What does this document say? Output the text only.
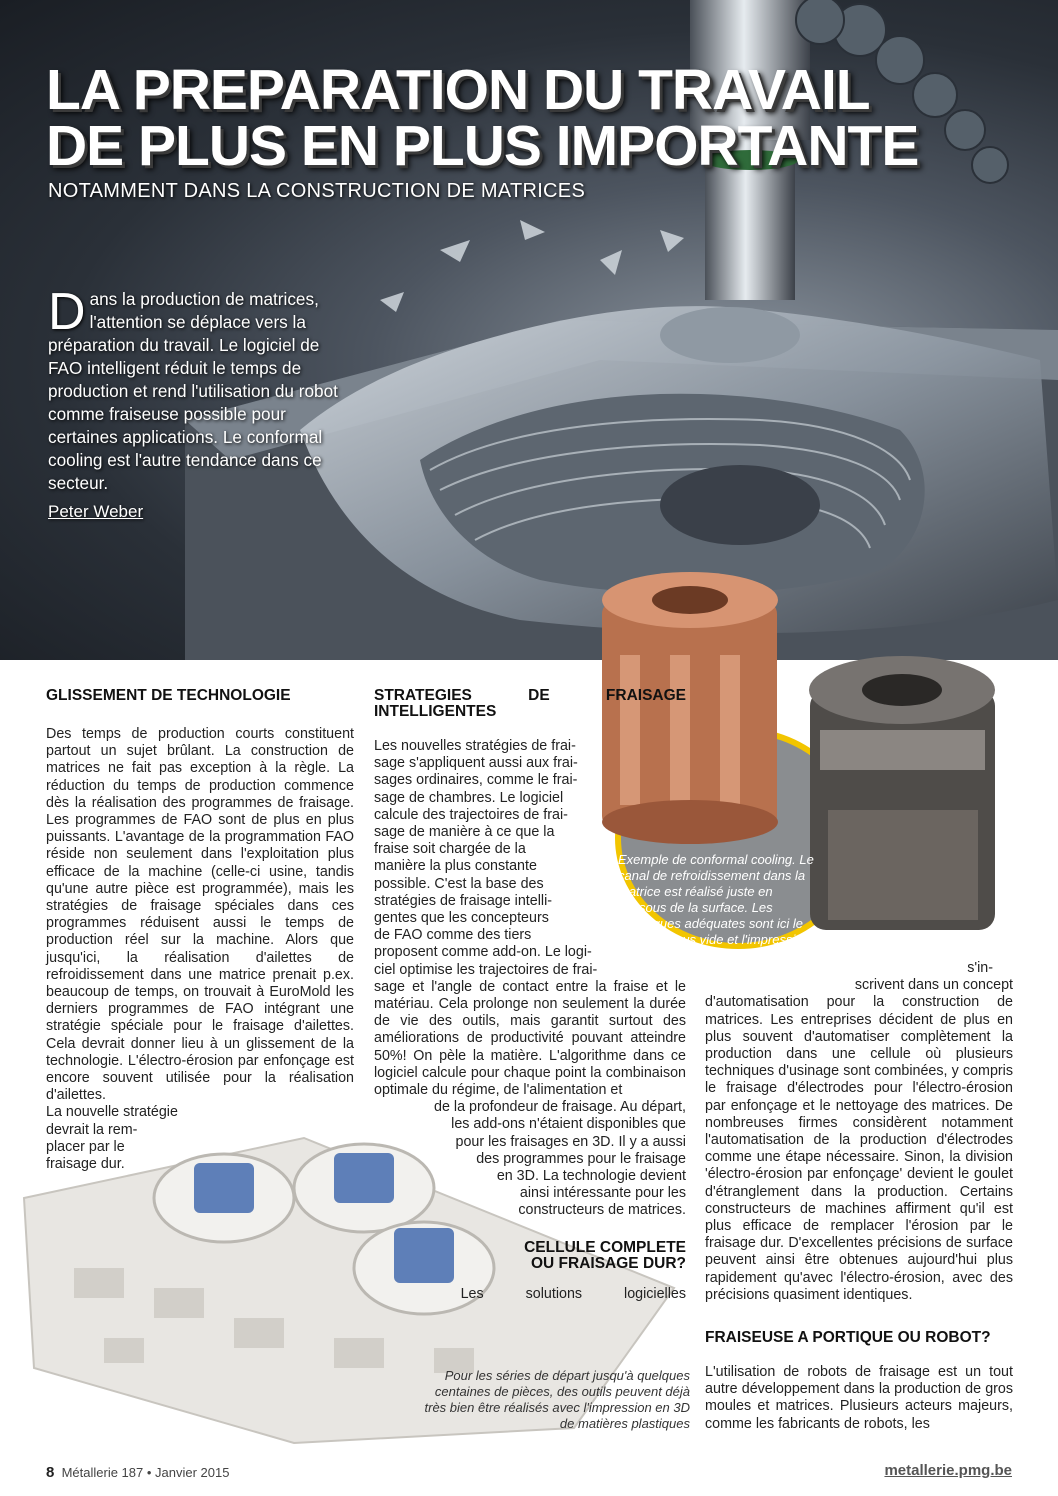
LA PREPARATION DU TRAVAIL
DE PLUS EN PLUS IMPORTANTE
NOTAMMENT DANS LA CONSTRUCTION DE MATRICES
Dans la production de matrices, l'attention se déplace vers la préparation du travail. Le logiciel de FAO intelligent réduit le temps de production et rend l'utilisation du robot comme fraiseuse possible pour certaines applications. Le conformal cooling est l'autre tendance dans ce secteur.
Peter Weber
Exemple de conformal cooling. Le canal de refroidissement dans la matrice est réalisé juste en dessous de la surface. Les techniques adéquates sont ici le brasage sous vide et l'impression en 3D
GLISSEMENT DE TECHNOLOGIE

Des temps de production courts constituent partout un sujet brûlant. La construction de matrices ne fait pas exception à la règle. La réduction du temps de production commence dès la réalisation des programmes de fraisage. Les programmes de FAO sont de plus en plus puissants. L'avantage de la programmation FAO réside non seulement dans l'exploitation plus efficace de la machine (celle-ci usine, tandis qu'une autre pièce est programmée), mais les stratégies de fraisage spéciales dans ces programmes réduisent aussi le temps de production réel sur la machine. Alors que jusqu'ici, la réalisation d'ailettes de refroidissement dans une matrice prenait p.ex. beaucoup de temps, on trouvait à EuroMold les derniers programmes de FAO intégrant une stratégie spéciale pour le fraisage d'ailettes. Cela devrait donner lieu à un glissement de la technologie. L'électro-érosion par enfonçage est encore souvent utilisée pour la réalisation d'ailettes.

La nouvelle stratégie

devrait la rem-

placer par le

fraisage dur.

Pour les séries de départ jusqu'à quelques centaines de pièces, des outils peuvent déjà très bien être réalisés avec l'impression en 3D de matières plastiques
STRATEGIES DE FRAISAGE INTELLIGENTES

Les nouvelles stratégies de frai-

sage s'appliquent aussi aux frai-

sages ordinaires, comme le frai-

sage de chambres. Le logiciel

calcule des trajectoires de frai-

sage de manière à ce que la

fraise soit chargée de la

manière la plus constante

possible. C'est la base des

stratégies de fraisage intelli-

gentes que les concepteurs

de FAO comme des tiers

proposent comme add-on. Le logi-

ciel optimise les trajectoires de frai-

sage et l'angle de contact entre la fraise et le matériau. Cela prolonge non seulement la durée de vie des outils, mais garantit surtout des améliorations de productivité pouvant atteindre 50%! On pèle la matière. L'algorithme dans ce logiciel calcule pour chaque point la combinaison optimale du régime, de l'alimentation et

de la profondeur de fraisage. Au départ,

les add-ons n'étaient disponibles que

pour les fraisages en 3D. Il y a aussi

des programmes pour le fraisage

en 3D. La technologie devient

ainsi intéressante pour les

constructeurs de matrices.

CELLULE COMPLETE
OU FRAISAGE DUR?

Les solutions logicielles

s'in-

scrivent dans un concept

d'automatisation pour la construction de matrices. Les entreprises décident de plus en plus souvent d'automatiser complètement la production dans une cellule où plusieurs techniques d'usinage sont combinées, y compris le fraisage d'électrodes pour l'électro-érosion par enfonçage et le nettoyage des matrices. De nombreuses firmes considèrent notamment l'automatisation de la production d'électrodes comme une étape nécessaire. Sinon, la division 'électro-érosion par enfonçage' devient le goulet d'étranglement dans la production. Certains constructeurs de machines affirment qu'il est plus efficace de remplacer l'érosion par le fraisage dur. D'excellentes précisions de surface peuvent ainsi être obtenues aujourd'hui plus rapidement qu'avec l'électro-érosion, avec des précisions quasiment identiques.

FRAISEUSE A PORTIQUE OU ROBOT?

L'utilisation de robots de fraisage est un tout autre développement dans la production de gros moules et matrices. Plusieurs acteurs majeurs, comme les fabricants de robots, les

8 Métallerie 187 • Janvier 2015	metallerie.pmg.be
